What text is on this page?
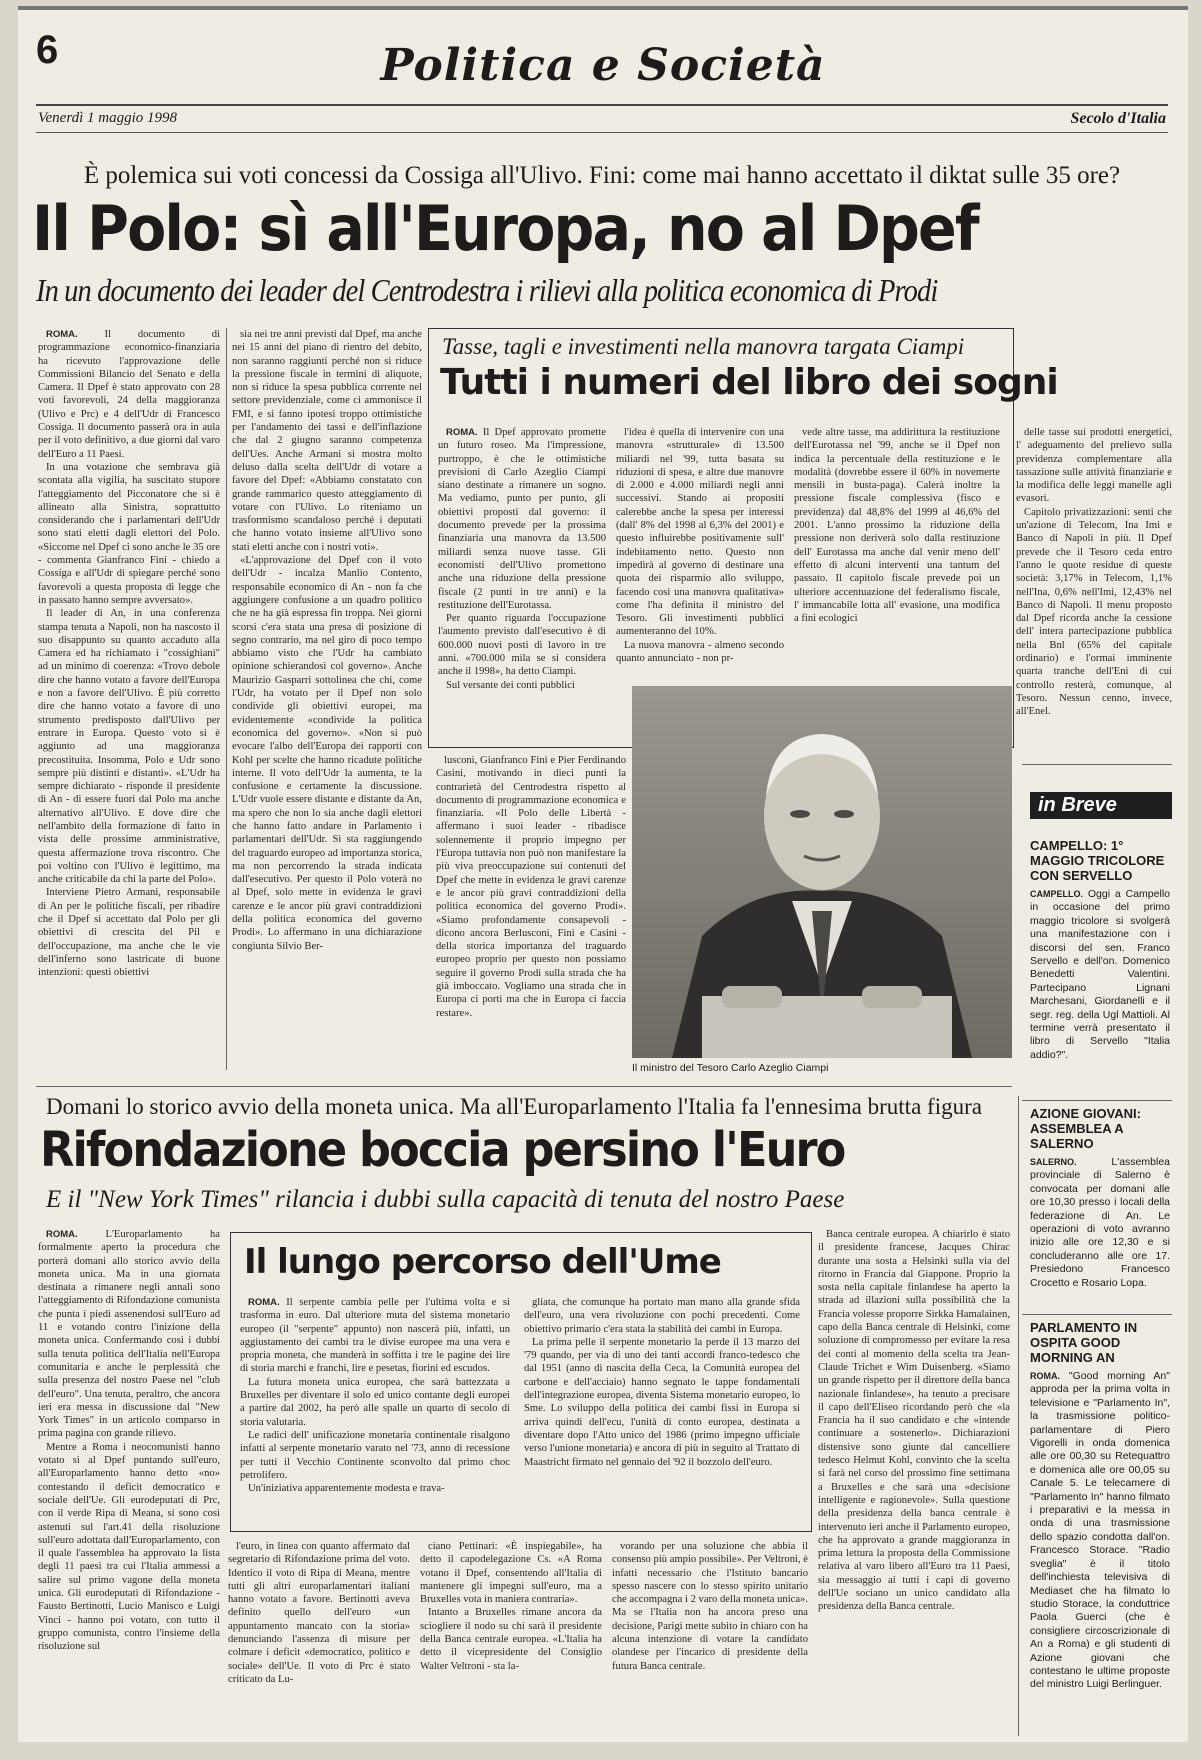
6	Politica e Società
Venerdì 1 maggio 1998	Secolo d'Italia
È polemica sui voti concessi da Cossiga all'Ulivo. Fini: come mai hanno accettato il diktat sulle 35 ore?
Il Polo: sì all'Europa, no al Dpef
In un documento dei leader del Centrodestra i rilievi alla politica economica di Prodi

ROMA.	Il documento di programmazione economico-finanziaria ha ricevuto l'approvazione delle Commissioni Bilancio del Senato e della Camera. Il Dpef è stato approvato con 28 voti favorevoli, 24 della maggioranza (Ulivo e Prc) e 4 dell'Udr di Francesco Cossiga. Il documento passerà ora in aula per il voto definitivo, a due giorni dal varo dell'Euro a 11 Paesi.

In una votazione che sembrava già scontata alla vigilia, ha suscitato stupore l'atteggiamento del Picconatore che si è allineato alla Sinistra, soprattutto considerando che i parlamentari dell'Udr sono stati eletti dagli elettori del Polo. «Siccome nel Dpef ci sono anche le 35 ore - commenta Gianfranco Fini - chiedo a Cossiga e all'Udr di spiegare perché sono favorevoli a questa proposta di legge che in passato hanno sempre avversato».

Il leader di An, in una conferenza stampa tenuta a Napoli, non ha nascosto il suo disappunto su quanto accaduto alla Camera ed ha richiamato i "cossighiani" ad un minimo di coerenza: «Trovo debole dire che hanno votato a favore dell'Europa e non a favore dell'Ulivo. È più corretto dire che hanno votato a favore di uno strumento predisposto dall'Ulivo per entrare in Europa. Questo voto si è aggiunto ad una maggioranza precostituita. Insomma, Polo e Udr sono sempre più distinti e distanti». «L'Udr ha sempre dichiarato - risponde il presidente di An - di essere fuori dal Polo ma anche alternativo all'Ulivo. E dove dire che nell'ambito della formazione di fatto in vista delle prossime amministrative, questa affermazione trova riscontro. Che poi voltino con l'Ulivo è legittimo, ma anche criticabile da chi la parte del Polo».

Interviene Pietro Armani, responsabile di An per le politiche fiscali, per ribadire che il Dpef si accettato dal Polo per gli obiettivi di crescita del Pil e dell'occupazione, ma anche che le vie dell'inferno sono lastricate di buone intenzioni: questi obiettivi

sia nei tre anni previsti dal Dpef, ma anche nei 15 anni del piano di rientro del debito, non saranno raggiunti perché non si riduce la pressione fiscale in termini di aliquote, non si riduce la spesa pubblica corrente nel settore previdenziale, come ci ammonisce il FMI, e si fanno ipotesi troppo ottimistiche per l'andamento dei tassi e dell'inflazione che dal 2 giugno saranno competenza dell'Ues. Anche Armani si mostra molto deluso dalla scelta dell'Udr di votare a favore del Dpef: «Abbiamo constatato con grande rammarico questo atteggiamento di votare con l'Ulivo. Lo riteniamo un trasformismo scandaloso perché i deputati che hanno votato insieme all'Ulivo sono stati eletti anche con i nostri voti».

«L'approvazione del Dpef con il voto dell'Udr - incalza Manlio Contento, responsabile economico di An - non fa che aggiungere confusione a un quadro politico che ne ha già espressa fin troppa. Nei giorni scorsi c'era stata una presa di posizione di segno contrario, ma nel giro di poco tempo abbiamo visto che l'Udr ha cambiato opinione schierandosi col governo». Anche Maurizio Gasparri sottolinea che chi, come l'Udr, ha votato per il Dpef non solo condivide gli obiettivi europei, ma evidentemente «condivide la politica economica del governo». «Non si può evocare l'albo dell'Europa dei rapporti con Kohl per scelte che hanno ricadute politiche interne. Il voto dell'Udr la aumenta, te la confusione e certamente la discussione. L'Udr vuole essere distante e distante da An, ma spero che non lo sia anche dagli elettori che hanno fatto andare in Parlamento i parlamentari dell'Udr. Si sta raggiungendo del traguardo europeo ad importanza storica, ma non percorrendo la strada indicata dall'esecutivo. Per questo il Polo voterà no al Dpef, solo mette in evidenza le gravi carenze e le ancor più gravi contraddizioni della politica economica del governo Prodi». Lo affermano in una dichiarazione congiunta Silvio Ber-

Tasse, tagli e investimenti nella manovra targata Ciampi
Tutti i numeri del libro dei sogni

ROMA. Il Dpef approvato promette un futuro roseo. Ma l'impressione, purtroppo, è che le ottimistiche previsioni di Carlo Azeglio Ciampi siano destinate a rimanere un sogno. Ma vediamo, punto per punto, gli obiettivi proposti dal governo: il documento prevede per la prossima finanziaria una manovra da 13.500 miliardi senza nuove tasse. Gli economisti dell'Ulivo promettono anche una riduzione della pressione fiscale (2 punti in tre anni) e la restituzione dell'Eurotassa.

Per quanto riguarda l'occupazione l'aumento previsto dall'esecutivo è di 600.000 nuovi posti di lavoro in tre anni. «700.000 mila se si considera anche il 1998», ha detto Ciampi.

Sul versante dei conti pubblici

l'idea è quella di intervenire con una manovra «strutturale» di 13.500 miliardi nel '99, tutta basata su riduzioni di spesa, e altre due manovre di 2.000 e 4.000 miliardi negli anni successivi. Stando ai propositi calerebbe anche la spesa per interessi (dall' 8% del 1998 al 6,3% del 2001) e questo influirebbe positivamente sull' indebitamento netto. Questo non impedirà al governo di destinare una quota dei risparmio allo sviluppo, facendo così una manovra qualitativa» come l'ha definita il ministro del Tesoro. Gli investimenti pubblici aumenteranno del 10%.

La nuova manovra - almeno secondo quanto annunciato - non pr-

vede altre tasse, ma addirittura la restituzione dell'Eurotassa nel '99, anche se il Dpef non indica la percentuale della restituzione e le modalità (dovrebbe essere il 60% in novemerte mensili in busta-paga). Calerà inoltre la pressione fiscale complessiva (fisco e previdenza) dal 48,8% del 1999 al 46,6% del 2001. L'anno prossimo la riduzione della pressione non deriverà solo dalla restituzione dell' Eurotassa ma anche dal venir meno dell' effetto di alcuni interventi una tantum del passato. Il capitolo fiscale prevede poi un ulteriore accentuazione del federalismo fiscale, l' immancabile lotta all' evasione, una modifica a fini ecologici

delle tasse sui prodotti energetici, l' adeguamento del prelievo sulla previdenza complementare alla tassazione sulle attività finanziarie e la modifica delle leggi manelle agli evasori.

Capitolo privatizzazioni: senti che un'azione di Telecom, Ina Imi e Banco di Napoli in più. Il Dpef prevede che il Tesoro ceda entro l'anno le quote residue di queste società: 3,17% in Telecom, 1,1% nell'Ina, 0,6% nell'Imi, 12,43% nel Banco di Napoli. Il menu proposto dal Dpef ricorda anche la cessione dell' intera partecipazione pubblica nella Bnl (65% del capitale ordinario) e l'ormai imminente quarta tranche dell'Eni di cui controllo resterà, comunque, al Tesoro. Nessun cenno, invece, all'Enel.

lusconi, Gianfranco Fini e Pier Ferdinando Casini, motivando in dieci punti la contrarietà del Centrodestra rispetto al documento di programmazione economica e finanziaria. «Il Polo delle Libertà - affermano i suoi leader - ribadisce solennemente il proprio impegno per l'Europa tuttavia non può non manifestare la più viva preoccupazione sui contenuti del Dpef che mette in evidenza le gravi carenze e le ancor più gravi contraddizioni della politica economica del governo Prodi». «Siamo profondamente consapevoli - dicono ancora Berlusconi, Fini e Casini - della storica importanza del traguardo europeo proprio per questo non possiamo seguire il governo Prodi sulla strada che ha già imboccato. Vogliamo una strada che in Europa ci porti ma che in Europa ci faccia restare».

Il ministro del Tesoro Carlo Azeglio Ciampi
in Breve
CAMPELLO: 1° MAGGIO TRICOLORE CON SERVELLO
CAMPELLO. Oggi a Campello in occasione del primo maggio tricolore si svolgerà una manifestazione con i discorsi del sen. Franco Servello e dell'on. Domenico Benedetti Valentini. Partecipano Lignani Marchesani, Giordanelli e il segr. reg. della Ugl Mattioli. Al termine verrà presentato il libro di Servello "Italia addio?".
AZIONE GIOVANI: ASSEMBLEA A SALERNO
SALERNO.	L'assemblea provinciale di Salerno è convocata per domani alle ore 10,30 presso i locali della federazione di An. Le operazioni di voto avranno inizio alle ore 12,30 e si concluderanno alle ore 17. Presiedono Francesco Crocetto e Rosario Lopa.
PARLAMENTO IN OSPITA GOOD MORNING AN
ROMA. "Good morning An" approda per la prima volta in televisione e "Parlamento In", la trasmissione politico-parlamentare di Piero Vigorelli in onda domenica alle ore 00,30 su Retequattro e domenica alle ore 00,05 su Canale 5. Le telecamere di "Parlamento In" hanno filmato i preparativi e la messa in onda di una trasmissione dello spazio condotta dall'on. Francesco Storace. "Radio sveglia" è il titolo dell'inchiesta televisiva di Mediaset che ha filmato lo studio Storace, la conduttrice Paola Guerci (che è consigliere circoscrizionale di An a Roma) e gli studenti di Azione giovani che contestano le ultime proposte del ministro Luigi Berlinguer.
Domani lo storico avvio della moneta unica. Ma all'Europarlamento l'Italia fa l'ennesima brutta figura
Rifondazione boccia persino l'Euro
E il "New York Times" rilancia i dubbi sulla capacità di tenuta del nostro Paese

ROMA.	L'Europarlamento ha formalmente aperto la procedura che porterà domani allo storico avvio della moneta unica. Ma in una giornata destinata a rimanere negli annali sono l'atteggiamento di Rifondazione comunista che punta i piedi assenendosi sull'Euro ad 11 e votando contro l'inizione della moneta unica. Confermando così i dubbi sulla tenuta politica dell'Italia nell'Europa comunitaria e anche le perplessità che sulla presenza del nostro Paese nel "club dell'euro". Una tenuta, peraltro, che ancora ieri era messa in discussione dal "New York Times" in un articolo comparso in prima pagina con grande rilievo.

Mentre a Roma i neocomunisti hanno votato sì al Dpef puntando sull'euro, all'Europarlamento hanno detto «no» contestando il deficit democratico e sociale dell'Ue. Gli eurodeputati di Prc, con il verde Ripa di Meana, si sono così astenuti sul l'art.41 della risoluzione sull'euro adottata dall'Europarlamento, con il quale l'assemblea ha approvato la lista degli 11 paesi tra cui l'Italia ammessi a salire sul primo vagone della moneta unica. Gli eurodeputati di Rifondazione - Fausto Bertinotti, Lucio Manisco e Luigi Vinci - hanno poi votato, con tutto il gruppo comunista, contro l'insieme della risoluzione sul

Il lungo percorso dell'Ume

ROMA. Il serpente cambia pelle per l'ultima volta e si trasforma in euro. Dal ulteriore muta del sistema monetario europeo (il "serpente" appunto) non nascerà più, infatti, un aggiustamento dei cambi tra le divise europee ma una vera e propria moneta, che manderà in soffitta i tre le pagine dei lire di storia marchi e franchi, lire e pesetas, fiorini ed escudos.

La futura moneta unica europea, che sarà battezzata a Bruxelles per diventare il solo ed unico contante degli europei a partire dal 2002, ha però alle spalle un quarto di secolo di storia valutaria.

Le radici dell' unificazione monetaria continentale risalgono infatti al serpente monetario varato nel '73, anno di recessione per tutti il Vecchio Continente sconvolto dal primo choc petrolifero.

Un'iniziativa apparentemente modesta e trava-

gliata, che comunque ha portato man mano alla grande sfida dell'euro, una vera rivoluzione con pochi precedenti. Come obiettivo primario c'era stata la stabilità dei cambi in Europa.

La prima pelle il serpente monetario la perde il 13 marzo del '79 quando, per via di uno dei tanti accordi franco-tedesco che dal 1951 (anno di nascita della Ceca, la Comunità europea del carbone e dell'acciaio) hanno segnato le tappe fondamentali dell'integrazione europea, diventa Sistema monetario europeo, lo Sme. Lo sviluppo della politica dei cambi fissi in Europa si arriva quindi dell'ecu, l'unità di conto europea, destinata a diventare dopo l'Atto unico del 1986 (primo impegno ufficiale verso l'unione monetaria) e ancora di più in seguito al Trattato di Maastricht firmato nel gennaio del '92 il bozzolo dell'euro.

l'euro, in linea con quanto affermato dal segretario di Rifondazione prima del voto. Identico il voto di Ripa di Meana, mentre tutti gli altri europarlamentari italiani hanno votato a favore. Bertinotti aveva definito quello dell'euro «un appuntamento mancato con la storia» denunciando l'assenza di misure per colmare i deficit «democratico, politico e sociale» dell'Ue. Il voto di Prc è stato criticato da Lu-

ciano Pettinari: «È inspiegabile», ha detto il capodelegazione Cs. «A Roma votano il Dpef, consentendo all'Italia di mantenere gli impegni sull'euro, ma a Bruxelles vota in maniera contraria».

Intanto a Bruxelles rimane ancora da sciogliere il nodo su chi sarà il presidente della Banca centrale europea. «L'Italia ha detto il vicepresidente del Consiglio Walter Veltroni - sta la-

vorando per una soluzione che abbia il consenso più ampio possibile». Per Veltroni, è infatti necessario che l'Istituto bancario spesso nascere con lo stesso spirito unitario che accompagna i 2 varo della moneta unica». Ma se l'Italia non ha ancora preso una decisione, Parigi mette subito in chiaro con ha alcuna intenzione di votare la candidato olandese per l'incarico di presidente della futura Banca centrale.

Banca centrale europea. A chiarirlo è stato il presidente francese, Jacques Chirac durante una sosta a Helsinki sulla via del ritorno in Francia dal Giappone. Proprio la sosta nella capitale finlandese ha aperto la strada ad illazioni sulla possibilità che la Francia volesse proporre Sirkka Hamalainen, capo della Banca centrale di Helsinki, come soluzione di compromesso per evitare la resa dei conti al momento della scelta tra Jean-Claude Trichet e Wim Duisenberg. «Siamo un grande rispetto per il direttore della banca nazionale finlandese», ha tenuto a precisare il capo dell'Eliseo ricordando però che «la Francia ha il suo candidato e che «intende continuare a sostenerlo». Dichiarazioni distensive sono giunte dal cancelliere tedesco Helmut Kohl, convinto che la scelta si farà nel corso del prossimo fine settimana a Bruxelles e che sarà una «decisione intelligente e ragionevole». Sulla questione della presidenza della banca centrale è intervenuto ieri anche il Parlamento europeo, che ha approvato a grande maggioranza in prima lettura la proposta della Commissione relativa al varo libero all'Euro tra 11 Paesi, sia messaggio ai tutti i capi di governo dell'Ue sociano un unico candidato alla presidenza della Banca centrale.
